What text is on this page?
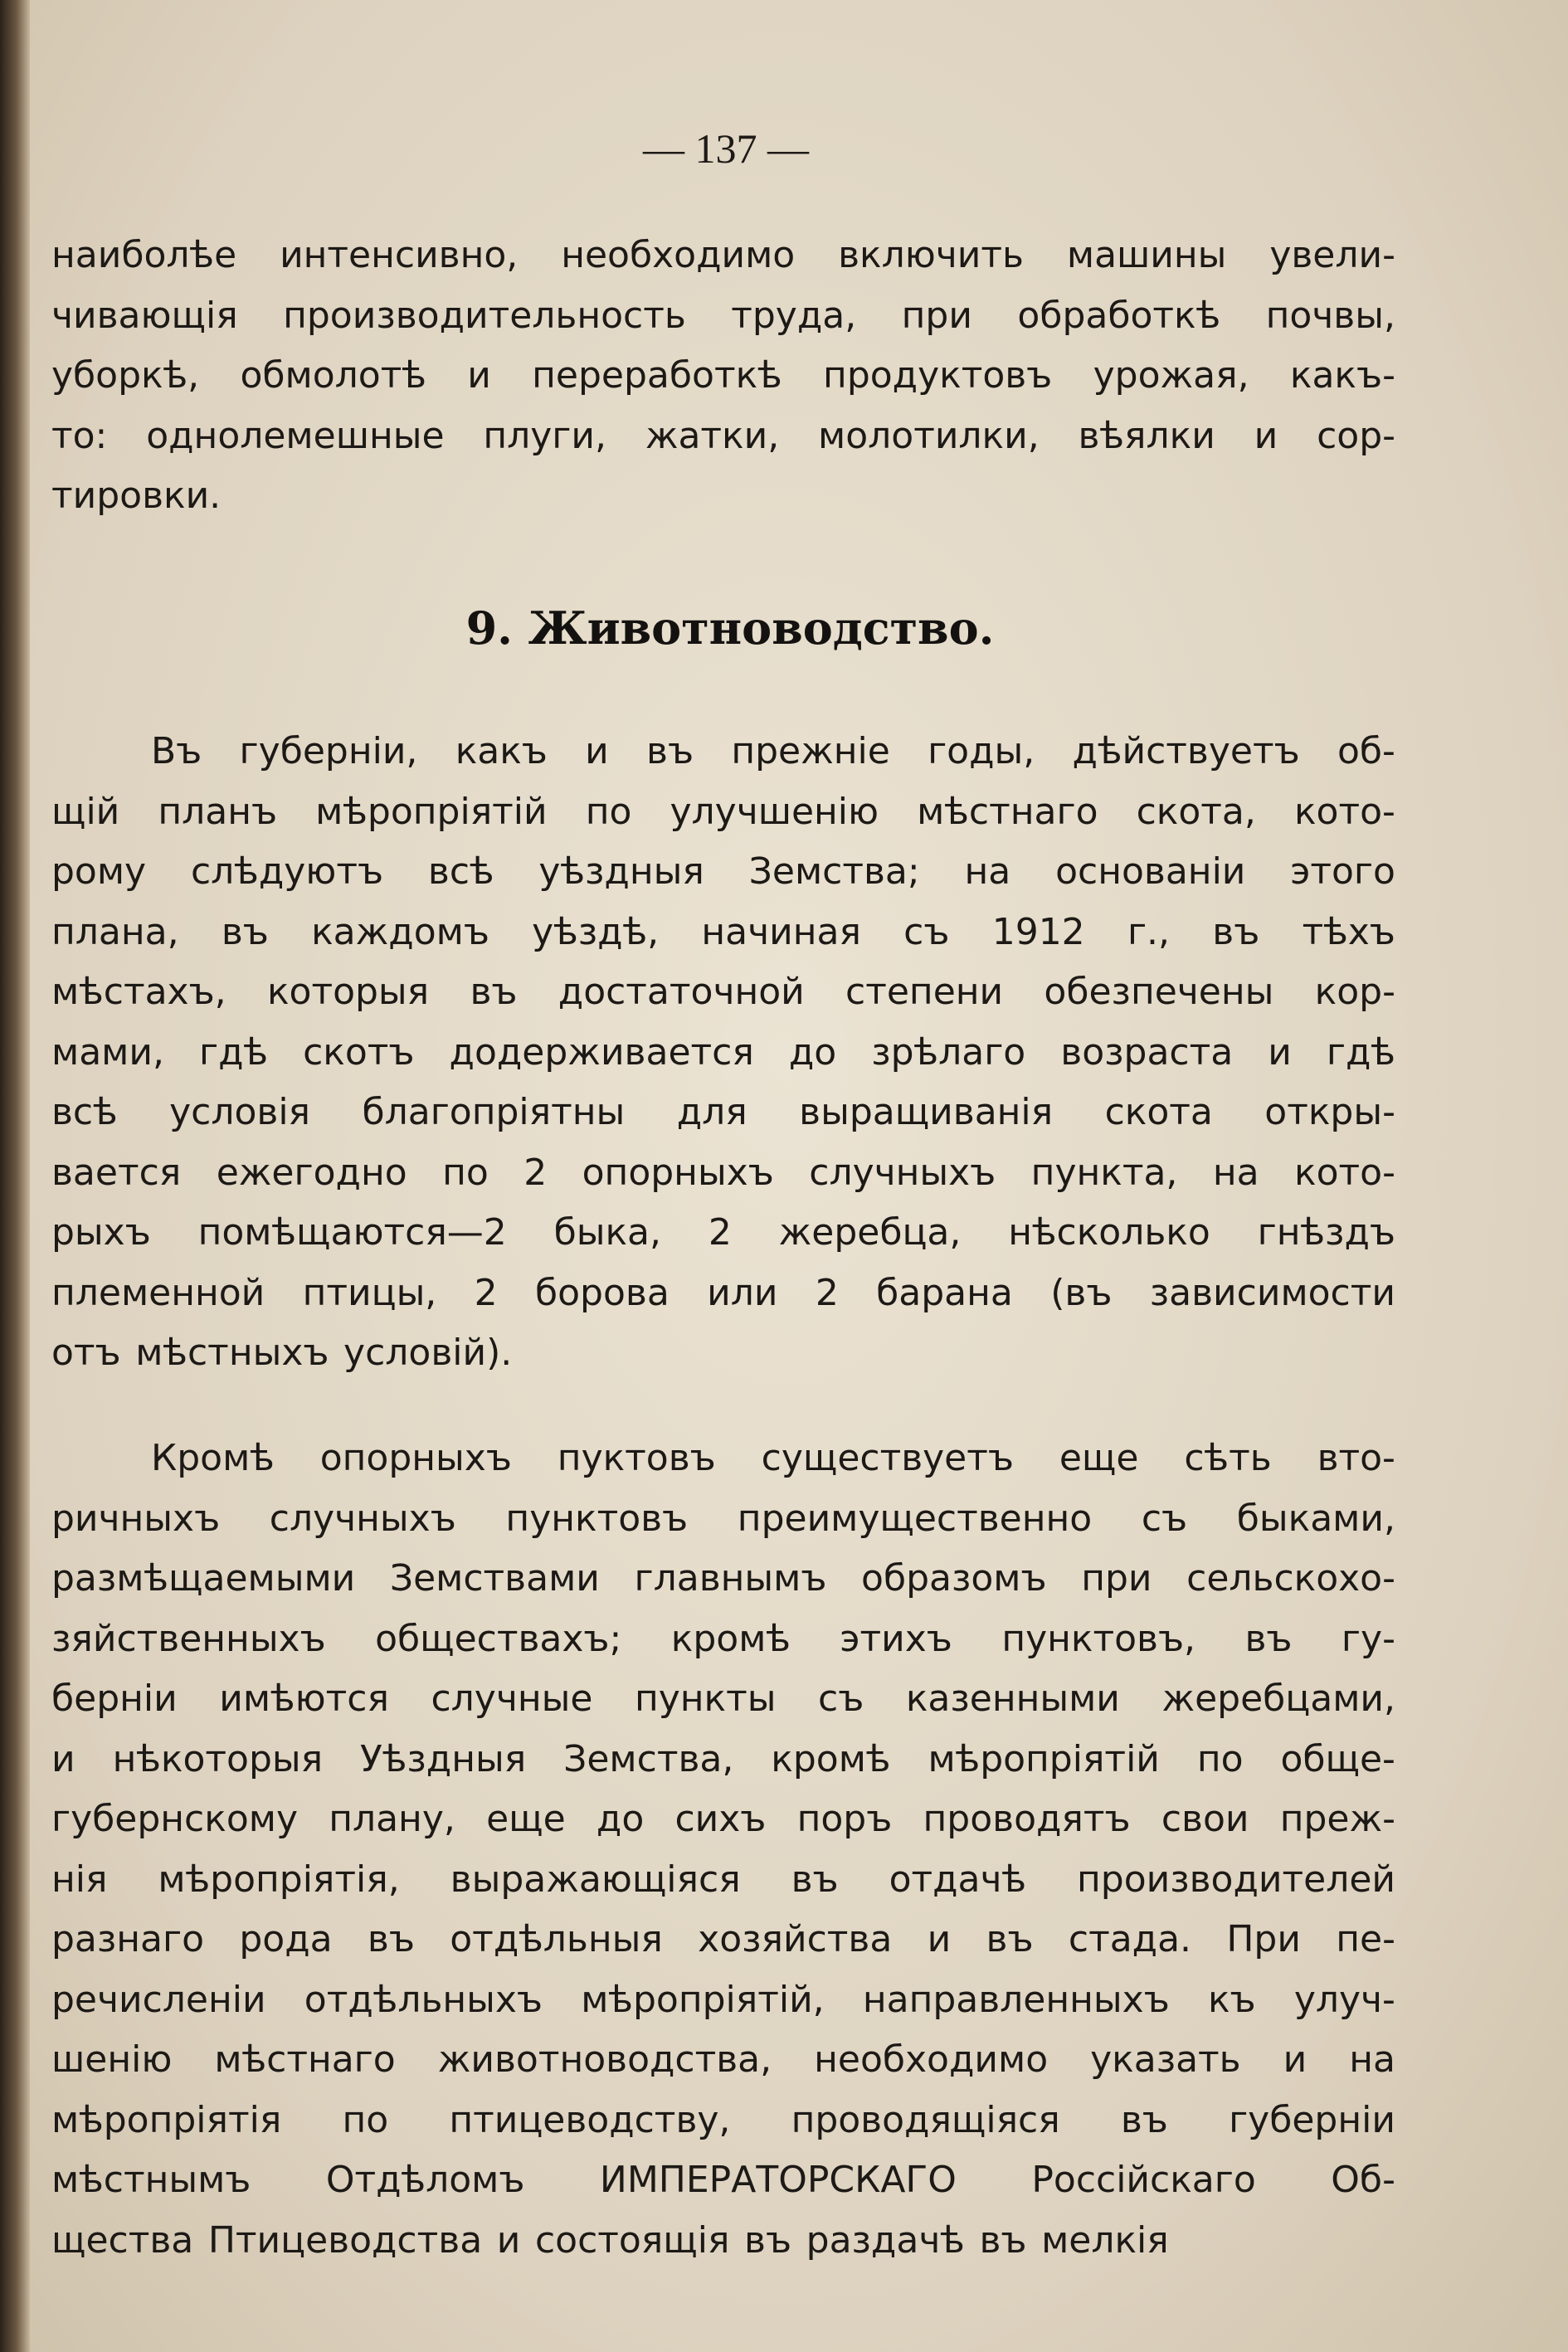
— 137 —
наиболѣе интенсивно, необходимо включить машины увели-
чивающія производительность труда, при обработкѣ почвы,
уборкѣ, обмолотѣ и переработкѣ продуктовъ урожая, какъ-
то: однолемешные плуги, жатки, молотилки, вѣялки и сор-
тировки.
9. Животноводство.
Въ губерніи, какъ и въ прежніе годы, дѣйствуетъ об-
щій планъ мѣропріятій по улучшенію мѣстнаго скота, кото-
рому слѣдуютъ всѣ уѣздныя Земства; на основаніи этого
плана, въ каждомъ уѣздѣ, начиная съ 1912 г., въ тѣхъ
мѣстахъ, которыя въ достаточной степени обезпечены кор-
мами, гдѣ скотъ додерживается до зрѣлаго возраста и гдѣ
всѣ условія благопріятны для выращиванія скота откры-
вается ежегодно по 2 опорныхъ случныхъ пункта, на кото-
рыхъ помѣщаются—2 быка, 2 жеребца, нѣсколько гнѣздъ
племенной птицы, 2 борова или 2 барана (въ зависимости
отъ мѣстныхъ условій).
Кромѣ опорныхъ пуктовъ существуетъ еще сѣть вто-
ричныхъ случныхъ пунктовъ преимущественно съ быками,
размѣщаемыми Земствами главнымъ образомъ при сельскохо-
зяйственныхъ обществахъ; кромѣ этихъ пунктовъ, въ гу-
берніи имѣются случные пункты съ казенными жеребцами,
и нѣкоторыя Уѣздныя Земства, кромѣ мѣропріятій по обще-
губернскому плану, еще до сихъ поръ проводятъ свои преж-
нія мѣропріятія, выражающіяся въ отдачѣ производителей
разнаго рода въ отдѣльныя хозяйства и въ стада. При пе-
речисленіи отдѣльныхъ мѣропріятій, направленныхъ къ улуч-
шенію мѣстнаго животноводства, необходимо указать и на
мѣропріятія по птицеводству, проводящіяся въ губерніи
мѣстнымъ Отдѣломъ ИМПЕРАТОРСКАГО Россійскаго Об-
щества Птицеводства и состоящія въ раздачѣ въ мелкія
